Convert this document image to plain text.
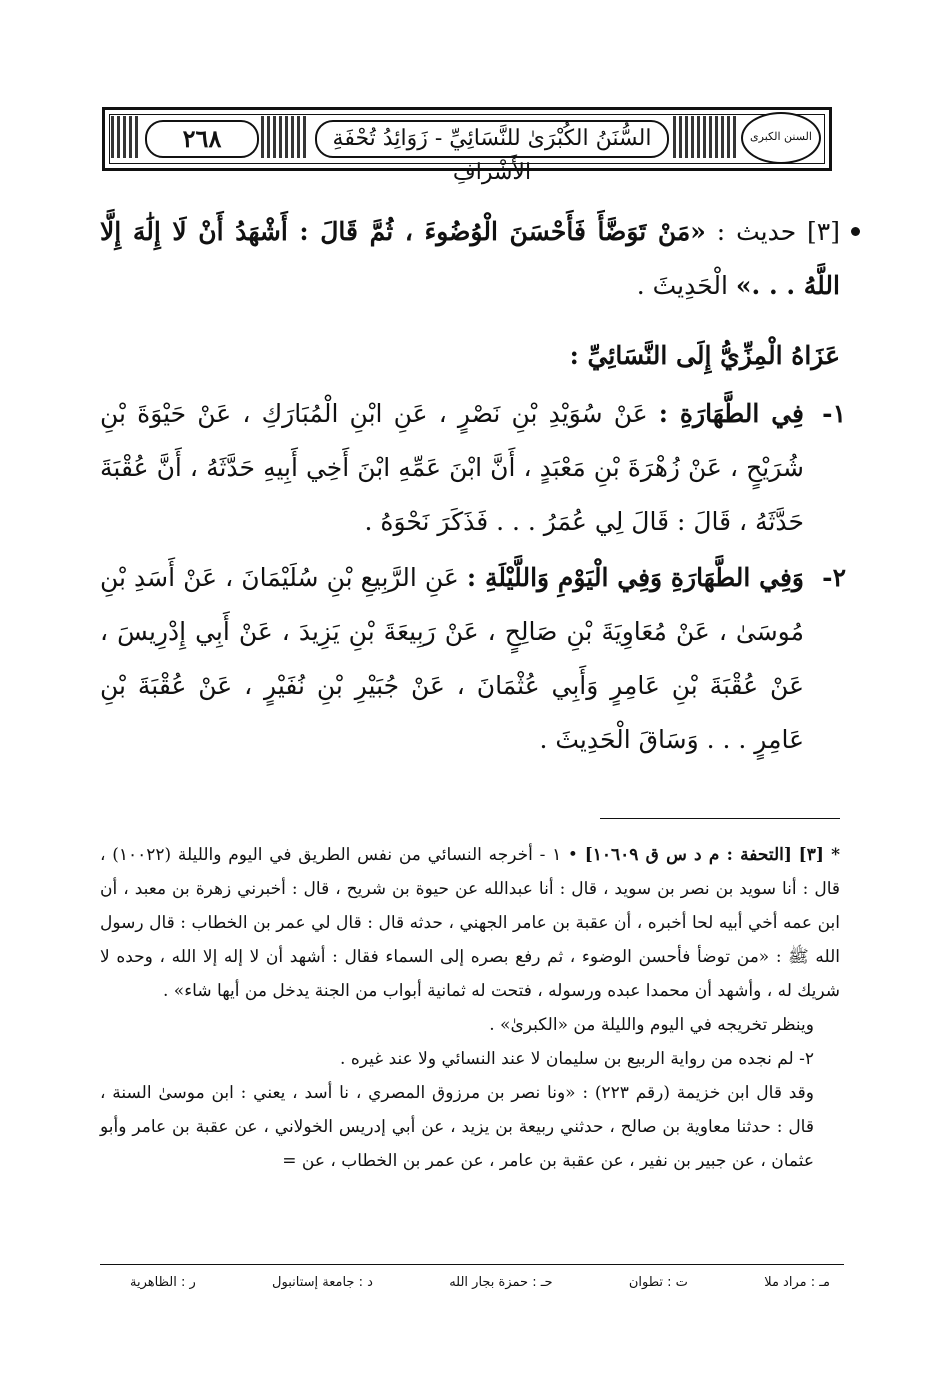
٢٦٨	السُّنَنُ الكُبْرَىٰ للنَّسَائِيِّ - زَوَائِدُ تُحْفَةِ الأَشْرَافِ
السنن الكبرى

[٣] حديث : «مَنْ تَوَضَّأَ فَأَحْسَنَ الْوُضُوءَ ، ثُمَّ قَالَ : أَشْهَدُ أَنْ لَا إِلَٰهَ إِلَّا اللَّهُ . . .» الْحَدِيثَ .

عَزَاهُ الْمِزِّيُّ إِلَى النَّسَائِيِّ :

١-
فِي الطَّهَارَةِ : عَنْ سُوَيْدِ بْنِ نَصْرٍ ، عَنِ ابْنِ الْمُبَارَكِ ، عَنْ حَيْوَةَ بْنِ شُرَيْحٍ ، عَنْ زُهْرَةَ بْنِ مَعْبَدٍ ، أَنَّ ابْنَ عَمِّهِ ابْنَ أَخِي أَبِيهِ حَدَّثَهُ ، أَنَّ عُقْبَةَ حَدَّثَهُ ، قَالَ : قَالَ لِي عُمَرُ . . . فَذَكَرَ نَحْوَهُ .

٢-
وَفِي الطَّهَارَةِ وَفِي الْيَوْمِ وَاللَّيْلَةِ : عَنِ الرَّبِيعِ بْنِ سُلَيْمَانَ ، عَنْ أَسَدِ بْنِ مُوسَىٰ ، عَنْ مُعَاوِيَةَ بْنِ صَالِحٍ ، عَنْ رَبِيعَةَ بْنِ يَزِيدَ ، عَنْ أَبِي إِدْرِيسَ ، عَنْ عُقْبَةَ بْنِ عَامِرٍ وَأَبِي عُثْمَانَ ، عَنْ جُبَيْرِ بْنِ نُفَيْرٍ ، عَنْ عُقْبَةَ بْنِ عَامِرٍ . . . وَسَاقَ الْحَدِيثَ .

* [٣] [التحفة : م د س ق ١٠٦٠٩] • ١ - أخرجه النسائي من نفس الطريق في اليوم والليلة (١٠٠٢٢) ، قال : أنا سويد بن نصر بن سويد ، قال : أنا عبدالله عن حيوة بن شريح ، قال : أخبرني زهرة بن معبد ، أن ابن عمه أخي أبيه لحا أخبره ، أن عقبة بن عامر الجهني ، حدثه قال : قال لي عمر بن الخطاب : قال رسول الله ﷺ : «من توضأ فأحسن الوضوء ، ثم رفع بصره إلى السماء فقال : أشهد أن لا إله إلا الله ، وحده لا شريك له ، وأشهد أن محمدا عبده ورسوله ، فتحت له ثمانية أبواب من الجنة يدخل من أيها شاء» .

وينظر تخريجه في اليوم والليلة من «الكبرىٰ» .

٢- لم نجده من رواية الربيع بن سليمان لا عند النسائي ولا عند غيره .

وقد قال ابن خزيمة (رقم ٢٢٣) : «ونا نصر بن مرزوق المصري ، نا أسد ، يعني : ابن موسىٰ السنة ، قال : حدثنا معاوية بن صالح ، حدثني ربيعة بن يزيد ، عن أبي إدريس الخولاني ، عن عقبة بن عامر وأبو عثمان ، عن جبير بن نفير ، عن عقبة بن عامر ، عن عمر بن الخطاب ، عن =

مـ : مراد ملا
ت : تطوان
حـ : حمزة بجار الله
د : جامعة إستانبول
ر : الظاهرية
